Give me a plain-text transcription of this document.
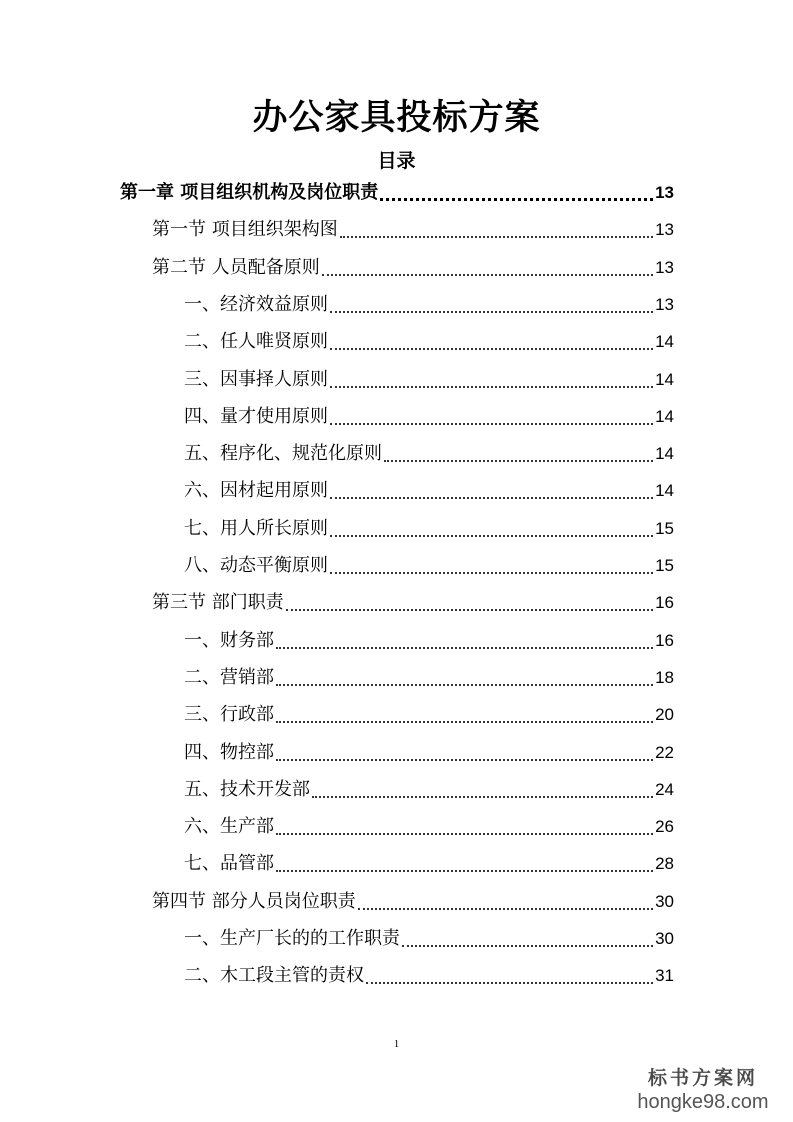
办公家具投标方案
目录
第一章 项目组织机构及岗位职责	13
第一节 项目组织架构图	13
第二节 人员配备原则	13
一、经济效益原则	13
二、任人唯贤原则	14
三、因事择人原则	14
四、量才使用原则	14
五、程序化、规范化原则	14
六、因材起用原则	14
七、用人所长原则	15
八、动态平衡原则	15
第三节 部门职责	16
一、财务部	16
二、营销部	18
三、行政部	20
四、物控部	22
五、技术开发部	24
六、生产部	26
七、品管部	28
第四节 部分人员岗位职责	30
一、生产厂长的的工作职责	30
二、木工段主管的责权	31
1
标书方案网
hongke98.com
